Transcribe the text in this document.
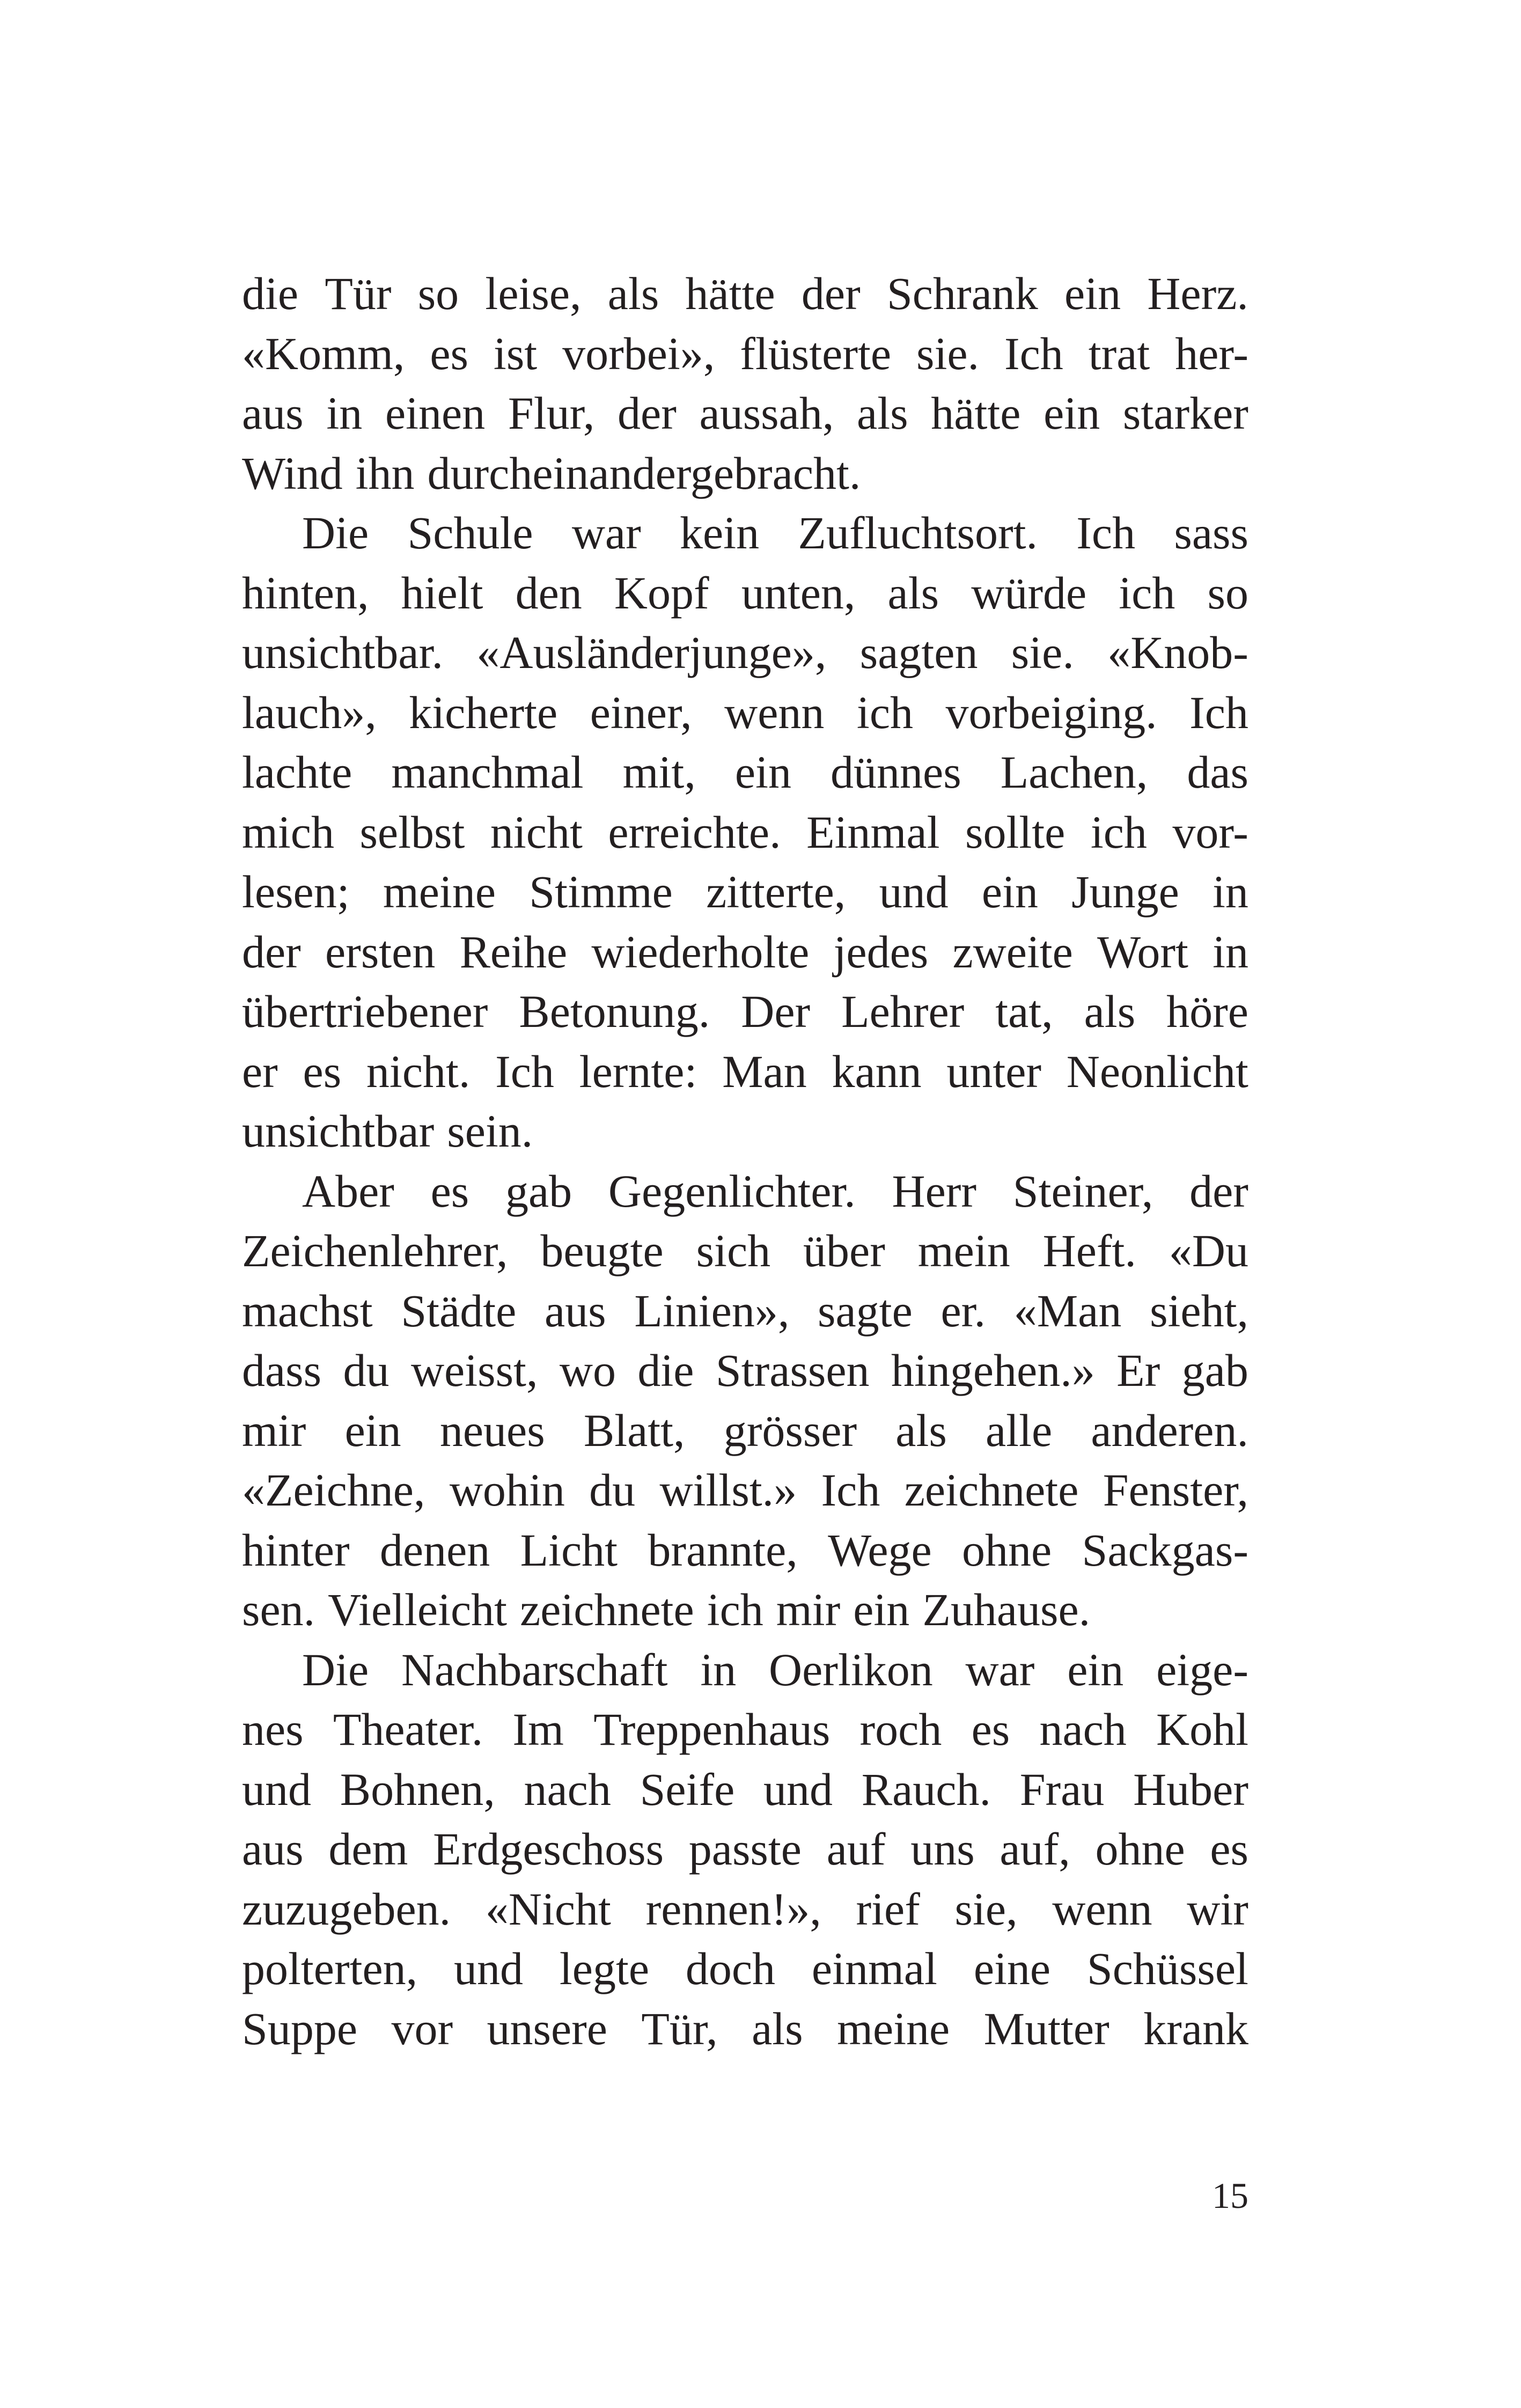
die Tür so leise, als hätte der Schrank ein Herz.
«Komm, es ist vorbei», flüsterte sie. Ich trat her-
aus in einen Flur, der aussah, als hätte ein starker
Wind ihn durcheinandergebracht.
Die Schule war kein Zufluchtsort. Ich sass
hinten, hielt den Kopf unten, als würde ich so
unsichtbar. «Ausländerjunge», sagten sie. «Knob-
lauch», kicherte einer, wenn ich vorbeiging. Ich
lachte manchmal mit, ein dünnes Lachen, das
mich selbst nicht erreichte. Einmal sollte ich vor-
lesen; meine Stimme zitterte, und ein Junge in
der ersten Reihe wiederholte jedes zweite Wort in
übertriebener Betonung. Der Lehrer tat, als höre
er es nicht. Ich lernte: Man kann unter Neonlicht
unsichtbar sein.
Aber es gab Gegenlichter. Herr Steiner, der
Zeichenlehrer, beugte sich über mein Heft. «Du
machst Städte aus Linien», sagte er. «Man sieht,
dass du weisst, wo die Strassen hingehen.» Er gab
mir ein neues Blatt, grösser als alle anderen.
«Zeichne, wohin du willst.» Ich zeichnete Fenster,
hinter denen Licht brannte, Wege ohne Sackgas-
sen. Vielleicht zeichnete ich mir ein Zuhause.
Die Nachbarschaft in Oerlikon war ein eige-
nes Theater. Im Treppenhaus roch es nach Kohl
und Bohnen, nach Seife und Rauch. Frau Huber
aus dem Erdgeschoss passte auf uns auf, ohne es
zuzugeben. «Nicht rennen!», rief sie, wenn wir
polterten, und legte doch einmal eine Schüssel
Suppe vor unsere Tür, als meine Mutter krank
15
